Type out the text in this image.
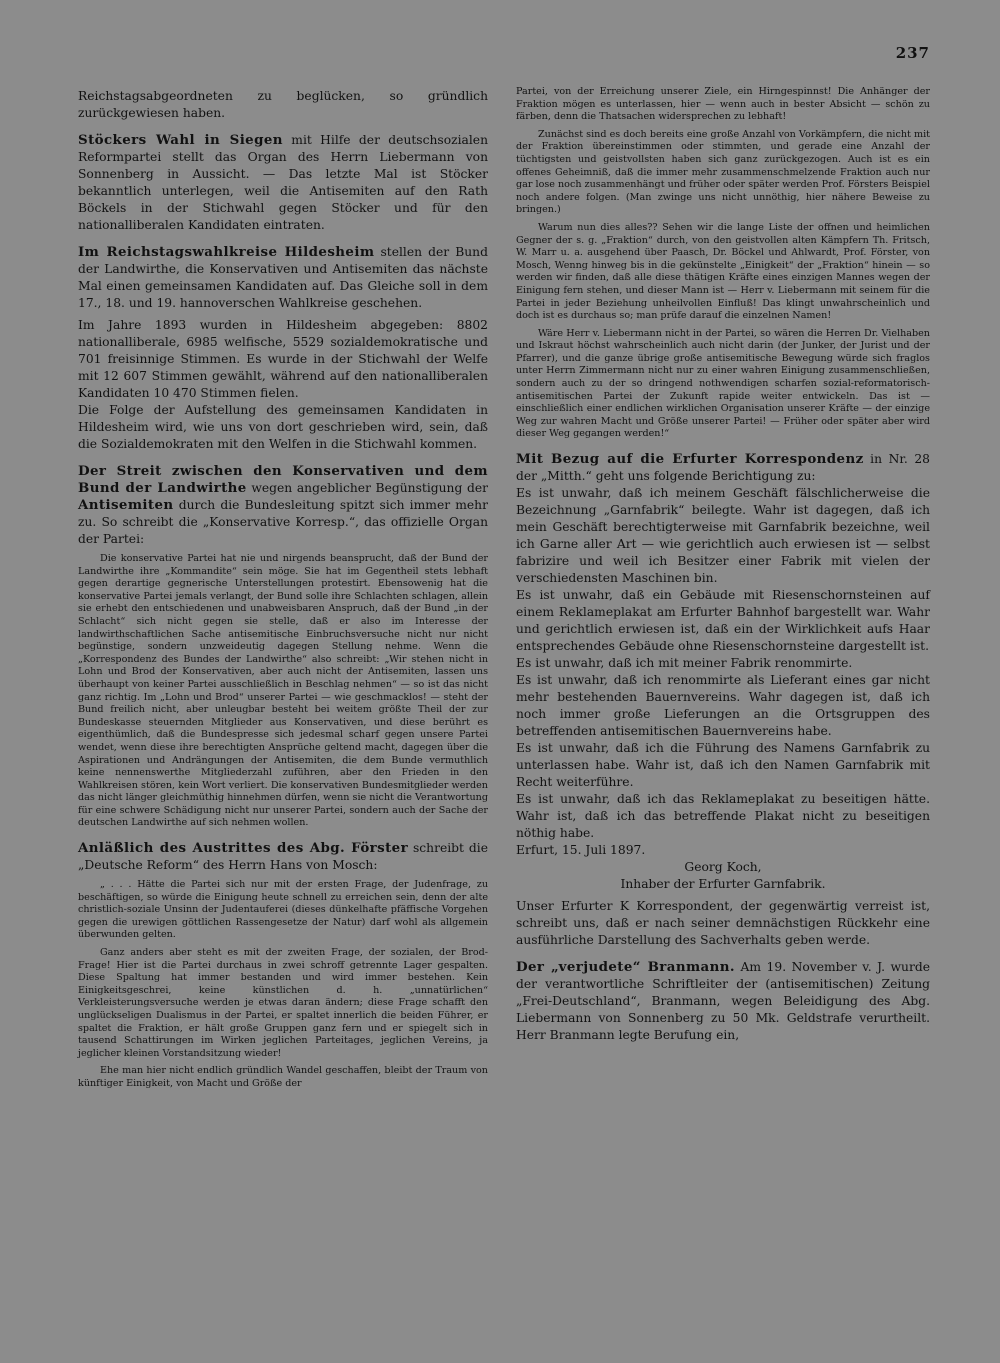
237

Reichstagsabgeordneten zu beglücken, so gründlich zurückgewiesen haben.

Stöckers Wahl in Siegen mit Hilfe der deutschsozialen Reformpartei stellt das Organ des Herrn Liebermann von Sonnenberg in Aussicht. — Das letzte Mal ist Stöcker bekanntlich unterlegen, weil die Antisemiten auf den Rath Böckels in der Stichwahl gegen Stöcker und für den nationalliberalen Kandidaten eintraten.

Im Reichstagswahlkreise Hildesheim stellen der Bund der Landwirthe, die Konservativen und Antisemiten das nächste Mal einen gemeinsamen Kandidaten auf. Das Gleiche soll in dem 17., 18. und 19. hannoverschen Wahlkreise geschehen.

Im Jahre 1893 wurden in Hildesheim abgegeben: 8802 nationalliberale, 6985 welfische, 5529 sozialdemokratische und 701 freisinnige Stimmen. Es wurde in der Stichwahl der Welfe mit 12 607 Stimmen gewählt, während auf den nationalliberalen Kandidaten 10 470 Stimmen fielen.

Die Folge der Aufstellung des gemeinsamen Kandidaten in Hildesheim wird, wie uns von dort geschrieben wird, sein, daß die Sozialdemokraten mit den Welfen in die Stichwahl kommen.

Der Streit zwischen den Konservativen und dem Bund der Landwirthe wegen angeblicher Begünstigung der Antisemiten durch die Bundesleitung spitzt sich immer mehr zu. So schreibt die „Konservative Korresp.“, das offizielle Organ der Partei:

Die konservative Partei hat nie und nirgends beansprucht, daß der Bund der Landwirthe ihre „Kommandite“ sein möge. Sie hat im Gegentheil stets lebhaft gegen derartige gegnerische Unterstellungen protestirt. Ebensowenig hat die konservative Partei jemals verlangt, der Bund solle ihre Schlachten schlagen, allein sie erhebt den entschiedenen und unabweisbaren Anspruch, daß der Bund „in der Schlacht“ sich nicht gegen sie stelle, daß er also im Interesse der landwirthschaftlichen Sache antisemitische Einbruchsversuche nicht nur nicht begünstige, sondern unzweideutig dagegen Stellung nehme. Wenn die „Korrespondenz des Bundes der Landwirthe“ also schreibt: „Wir stehen nicht in Lohn und Brod der Konservativen, aber auch nicht der Antisemiten, lassen uns überhaupt von keiner Partei ausschließlich in Beschlag nehmen“ — so ist das nicht ganz richtig. Im „Lohn und Brod“ unserer Partei — wie geschmacklos! — steht der Bund freilich nicht, aber unleugbar besteht bei weitem größte Theil der zur Bundeskasse steuernden Mitglieder aus Konservativen, und diese berührt es eigenthümlich, daß die Bundespresse sich jedesmal scharf gegen unsere Partei wendet, wenn diese ihre berechtigten Ansprüche geltend macht, dagegen über die Aspirationen und Andrängungen der Antisemiten, die dem Bunde vermuthlich keine nennenswerthe Mitgliederzahl zuführen, aber den Frieden in den Wahlkreisen stören, kein Wort verliert. Die konservativen Bundesmitglieder werden das nicht länger gleichmüthig hinnehmen dürfen, wenn sie nicht die Verantwortung für eine schwere Schädigung nicht nur unserer Partei, sondern auch der Sache der deutschen Landwirthe auf sich nehmen wollen.

Anläßlich des Austrittes des Abg. Förster schreibt die „Deutsche Reform“ des Herrn Hans von Mosch:

„ . . . Hätte die Partei sich nur mit der ersten Frage, der Judenfrage, zu beschäftigen, so würde die Einigung heute schnell zu erreichen sein, denn der alte christlich-soziale Unsinn der Judentauferei (dieses dünkelhafte pfäffische Vorgehen gegen die urewigen göttlichen Rassengesetze der Natur) darf wohl als allgemein überwunden gelten.

Ganz anders aber steht es mit der zweiten Frage, der sozialen, der Brod-Frage! Hier ist die Partei durchaus in zwei schroff getrennte Lager gespalten. Diese Spaltung hat immer bestanden und wird immer bestehen. Kein Einigkeitsgeschrei, keine künstlichen d. h. „unnatürlichen“ Verkleisterungsversuche werden je etwas daran ändern; diese Frage schafft den unglückseligen Dualismus in der Partei, er spaltet innerlich die beiden Führer, er spaltet die Fraktion, er hält große Gruppen ganz fern und er spiegelt sich in tausend Schattirungen im Wirken jeglichen Parteitages, jeglichen Vereins, ja jeglicher kleinen Vorstandsitzung wieder!

Ehe man hier nicht endlich gründlich Wandel geschaffen, bleibt der Traum von künftiger Einigkeit, von Macht und Größe der

Partei, von der Erreichung unserer Ziele, ein Hirngespinnst! Die Anhänger der Fraktion mögen es unterlassen, hier — wenn auch in bester Absicht — schön zu färben, denn die Thatsachen widersprechen zu lebhaft!

Zunächst sind es doch bereits eine große Anzahl von Vorkämpfern, die nicht mit der Fraktion übereinstimmen oder stimmten, und gerade eine Anzahl der tüchtigsten und geistvollsten haben sich ganz zurückgezogen. Auch ist es ein offenes Geheimniß, daß die immer mehr zusammenschmelzende Fraktion auch nur gar lose noch zusammenhängt und früher oder später werden Prof. Försters Beispiel noch andere folgen. (Man zwinge uns nicht unnöthig, hier nähere Beweise zu bringen.)

Warum nun dies alles?? Sehen wir die lange Liste der offnen und heimlichen Gegner der s. g. „Fraktion“ durch, von den geistvollen alten Kämpfern Th. Fritsch, W. Marr u. a. ausgehend über Paasch, Dr. Böckel und Ahlwardt, Prof. Förster, von Mosch, Wenng hinweg bis in die gekünstelte „Einigkeit“ der „Fraktion“ hinein — so werden wir finden, daß alle diese thätigen Kräfte eines einzigen Mannes wegen der Einigung fern stehen, und dieser Mann ist — Herr v. Liebermann mit seinem für die Partei in jeder Beziehung unheilvollen Einfluß! Das klingt unwahrscheinlich und doch ist es durchaus so; man prüfe darauf die einzelnen Namen!

Wäre Herr v. Liebermann nicht in der Partei, so wären die Herren Dr. Vielhaben und Iskraut höchst wahrscheinlich auch nicht darin (der Junker, der Jurist und der Pfarrer), und die ganze übrige große antisemitische Bewegung würde sich fraglos unter Herrn Zimmermann nicht nur zu einer wahren Einigung zusammenschließen, sondern auch zu der so dringend nothwendigen scharfen sozial-reformatorisch-antisemitischen Partei der Zukunft rapide weiter entwickeln. Das ist — einschließlich einer endlichen wirklichen Organisation unserer Kräfte — der einzige Weg zur wahren Macht und Größe unserer Partei! — Früher oder später aber wird dieser Weg gegangen werden!“

Mit Bezug auf die Erfurter Korrespondenz in Nr. 28 der „Mitth.“ geht uns folgende Berichtigung zu:

Es ist unwahr, daß ich meinem Geschäft fälschlicherweise die Bezeichnung „Garnfabrik“ beilegte. Wahr ist dagegen, daß ich mein Geschäft berechtigterweise mit Garnfabrik bezeichne, weil ich Garne aller Art — wie gerichtlich auch erwiesen ist — selbst fabrizire und weil ich Besitzer einer Fabrik mit vielen der verschiedensten Maschinen bin.

Es ist unwahr, daß ein Gebäude mit Riesenschornsteinen auf einem Reklameplakat am Erfurter Bahnhof bargestellt war. Wahr und gerichtlich erwiesen ist, daß ein der Wirklichkeit aufs Haar entsprechendes Gebäude ohne Riesenschornsteine dargestellt ist.

Es ist unwahr, daß ich mit meiner Fabrik renommirte.

Es ist unwahr, daß ich renommirte als Lieferant eines gar nicht mehr bestehenden Bauernvereins. Wahr dagegen ist, daß ich noch immer große Lieferungen an die Ortsgruppen des betreffenden antisemitischen Bauernvereins habe.

Es ist unwahr, daß ich die Führung des Namens Garnfabrik zu unterlassen habe. Wahr ist, daß ich den Namen Garnfabrik mit Recht weiterführe.

Es ist unwahr, daß ich das Reklameplakat zu beseitigen hätte. Wahr ist, daß ich das betreffende Plakat nicht zu beseitigen nöthig habe.

Erfurt, 15. Juli 1897.

Georg Koch,

Inhaber der Erfurter Garnfabrik.

Unser Erfurter K Korrespondent, der gegenwärtig verreist ist, schreibt uns, daß er nach seiner demnächstigen Rückkehr eine ausführliche Darstellung des Sachverhalts geben werde.

Der „verjudete“ Branmann. Am 19. November v. J. wurde der verantwortliche Schriftleiter der (antisemitischen) Zeitung „Frei-Deutschland“, Branmann, wegen Beleidigung des Abg. Liebermann von Sonnenberg zu 50 Mk. Geldstrafe verurtheilt. Herr Branmann legte Berufung ein,
